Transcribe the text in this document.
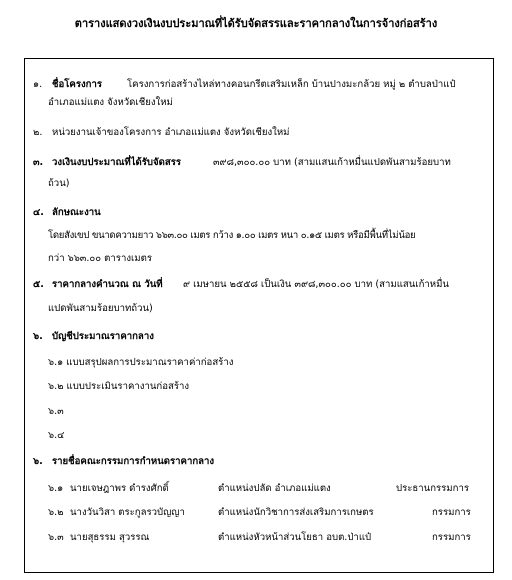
ตารางแสดงวงเงินงบประมาณที่ได้รับจัดสรรและราคากลางในการจ้างก่อสร้าง
๑. ชื่อโครงการ	โครงการก่อสร้างไหล่ทางคอนกรีตเสริมเหล็ก บ้านปางมะกล้วย หมู่ ๒ ตำบลป่าแป๋
อำเภอแม่แตง จังหวัดเชียงใหม่
๒. หน่วยงานเจ้าของโครงการ อำเภอแม่แตง จังหวัดเชียงใหม่
๓. วงเงินงบประมาณที่ได้รับจัดสรร	๓๙๘,๓๐๐.๐๐ บาท (สามแสนเก้าหมื่นแปดพันสามร้อยบาท
ถ้วน)
๔. ลักษณะงาน
โดยสังเขป ขนาดความยาว ๖๖๓.๐๐ เมตร กว้าง ๑.๐๐ เมตร หนา ๐.๑๕ เมตร หรือมีพื้นที่ไม่น้อย
กว่า ๖๖๓.๐๐ ตารางเมตร
๕. ราคากลางคำนวณ ณ วันที่ ๙ เมษายน ๒๕๕๘ เป็นเงิน ๓๙๘,๓๐๐.๐๐ บาท (สามแสนเก้าหมื่น
แปดพันสามร้อยบาทถ้วน)
๖. บัญชีประมาณราคากลาง
๖.๑ แบบสรุปผลการประมาณราคาค่าก่อสร้าง
๖.๒ แบบประเมินราคางานก่อสร้าง
๖.๓
๖.๔
๖. รายชื่อคณะกรรมการกำหนดราคากลาง
๖.๑ นายเจษฎาพร ดำรงศักดิ์	ตำแหน่งปลัด อำเภอแม่แตง	ประธานกรรมการ
๖.๒ นางวันวิสา ตระกูลรวบัญญา	ตำแหน่งนักวิชาการส่งเสริมการเกษตร	กรรมการ
๖.๓ นายสุธรรม สุวรรณ	ตำแหน่งหัวหน้าส่วนโยธา อบต.ป่าแป๋	กรรมการ
